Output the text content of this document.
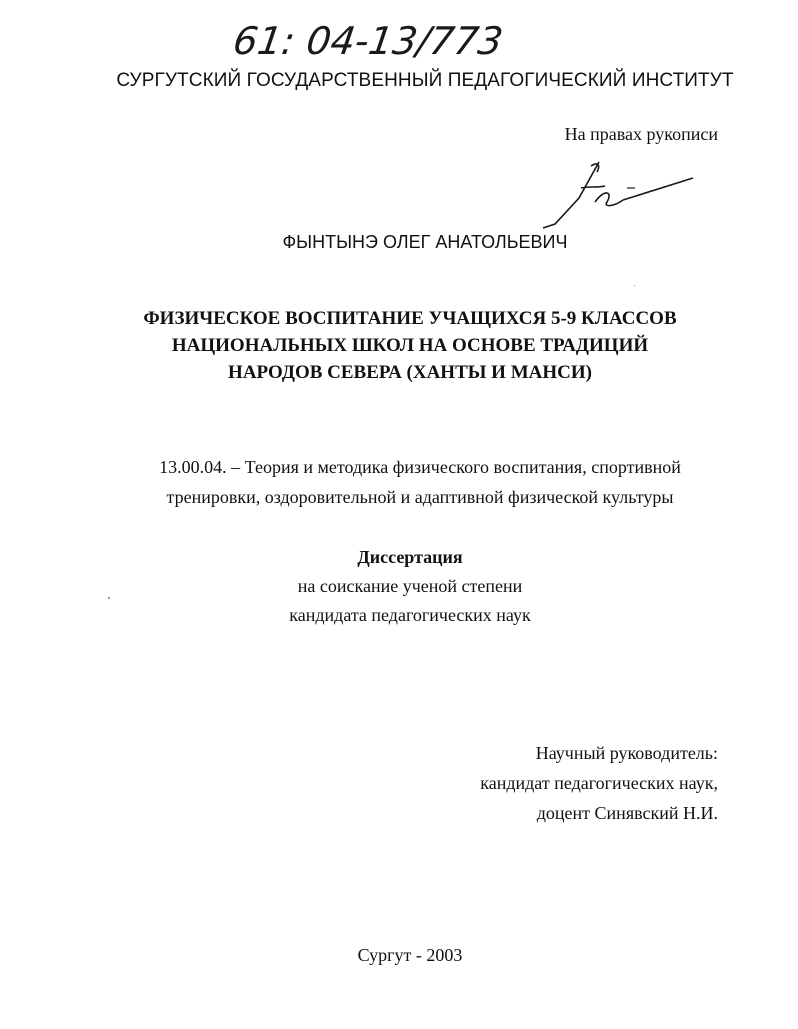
61: 04-13/773
СУРГУТСКИЙ ГОСУДАРСТВЕННЫЙ ПЕДАГОГИЧЕСКИЙ ИНСТИТУТ
На правах рукописи
ФЫНТЫНЭ ОЛЕГ АНАТОЛЬЕВИЧ
ФИЗИЧЕСКОЕ ВОСПИТАНИЕ УЧАЩИХСЯ 5-9 КЛАССОВ
НАЦИОНАЛЬНЫХ ШКОЛ НА ОСНОВЕ ТРАДИЦИЙ
НАРОДОВ СЕВЕРА (ХАНТЫ И МАНСИ)
13.00.04. – Теория и методика физического воспитания, спортивной
тренировки, оздоровительной и адаптивной физической культуры
Диссертация
на соискание ученой степени
кандидата педагогических наук
Научный руководитель:
кандидат педагогических наук,
доцент Синявский Н.И.
Сургут - 2003
